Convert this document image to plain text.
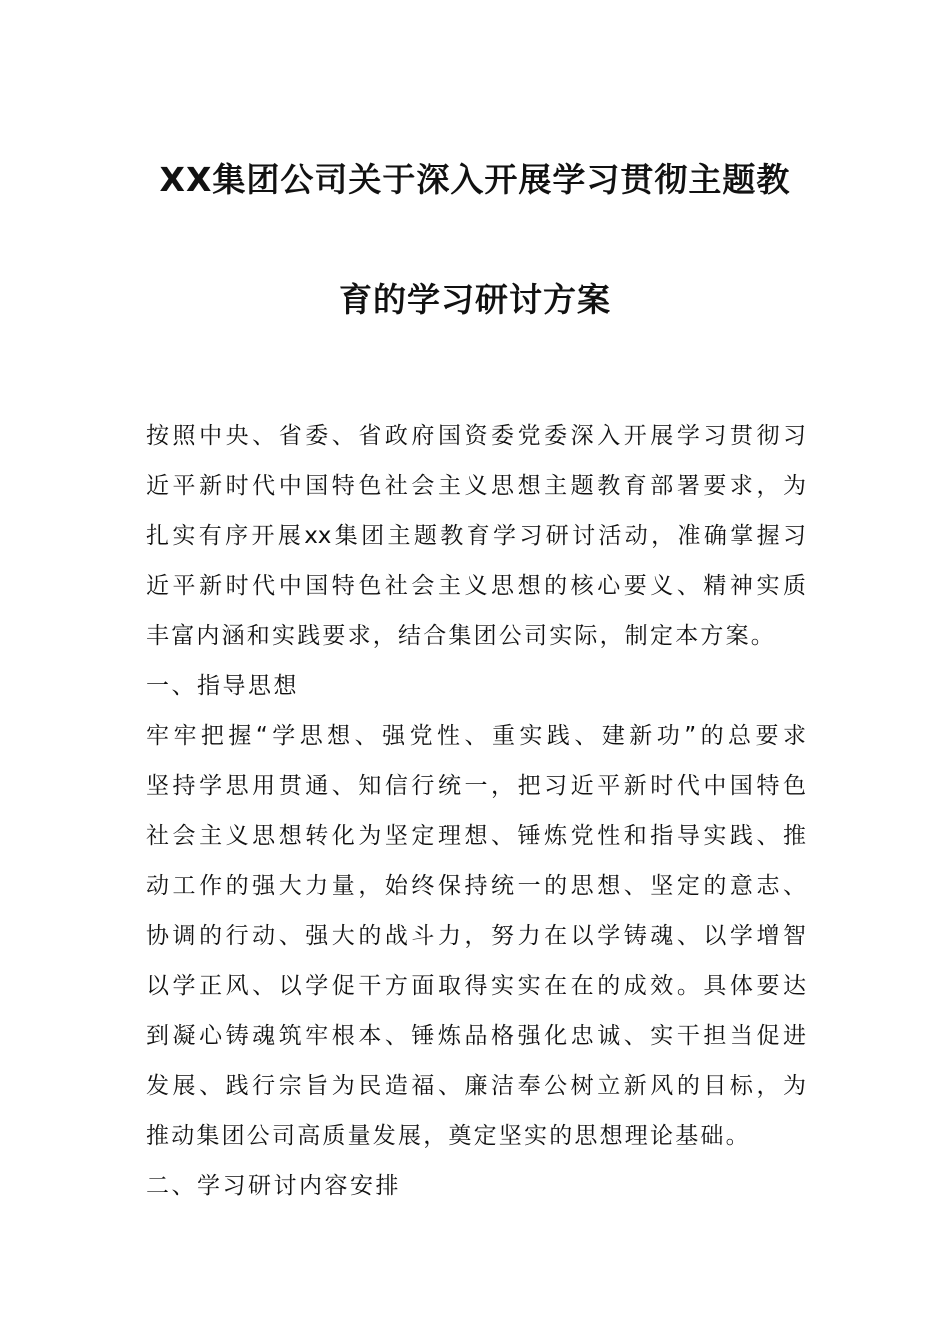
XX集团公司关于深入开展学习贯彻主题教
育的学习研讨方案
按照中央、省委、省政府国资委党委深入开展学习贯彻习
近平新时代中国特色社会主义思想主题教育部署要求，为
扎实有序开展xx集团主题教育学习研讨活动，准确掌握习
近平新时代中国特色社会主义思想的核心要义、精神实质
丰富内涵和实践要求，结合集团公司实际，制定本方案。
一、指导思想
牢牢把握“学思想、强党性、重实践、建新功”的总要求
坚持学思用贯通、知信行统一，把习近平新时代中国特色
社会主义思想转化为坚定理想、锤炼党性和指导实践、推
动工作的强大力量，始终保持统一的思想、坚定的意志、
协调的行动、强大的战斗力，努力在以学铸魂、以学增智
以学正风、以学促干方面取得实实在在的成效。具体要达
到凝心铸魂筑牢根本、锤炼品格强化忠诚、实干担当促进
发展、践行宗旨为民造福、廉洁奉公树立新风的目标，为
推动集团公司高质量发展，奠定坚实的思想理论基础。
二、学习研讨内容安排
